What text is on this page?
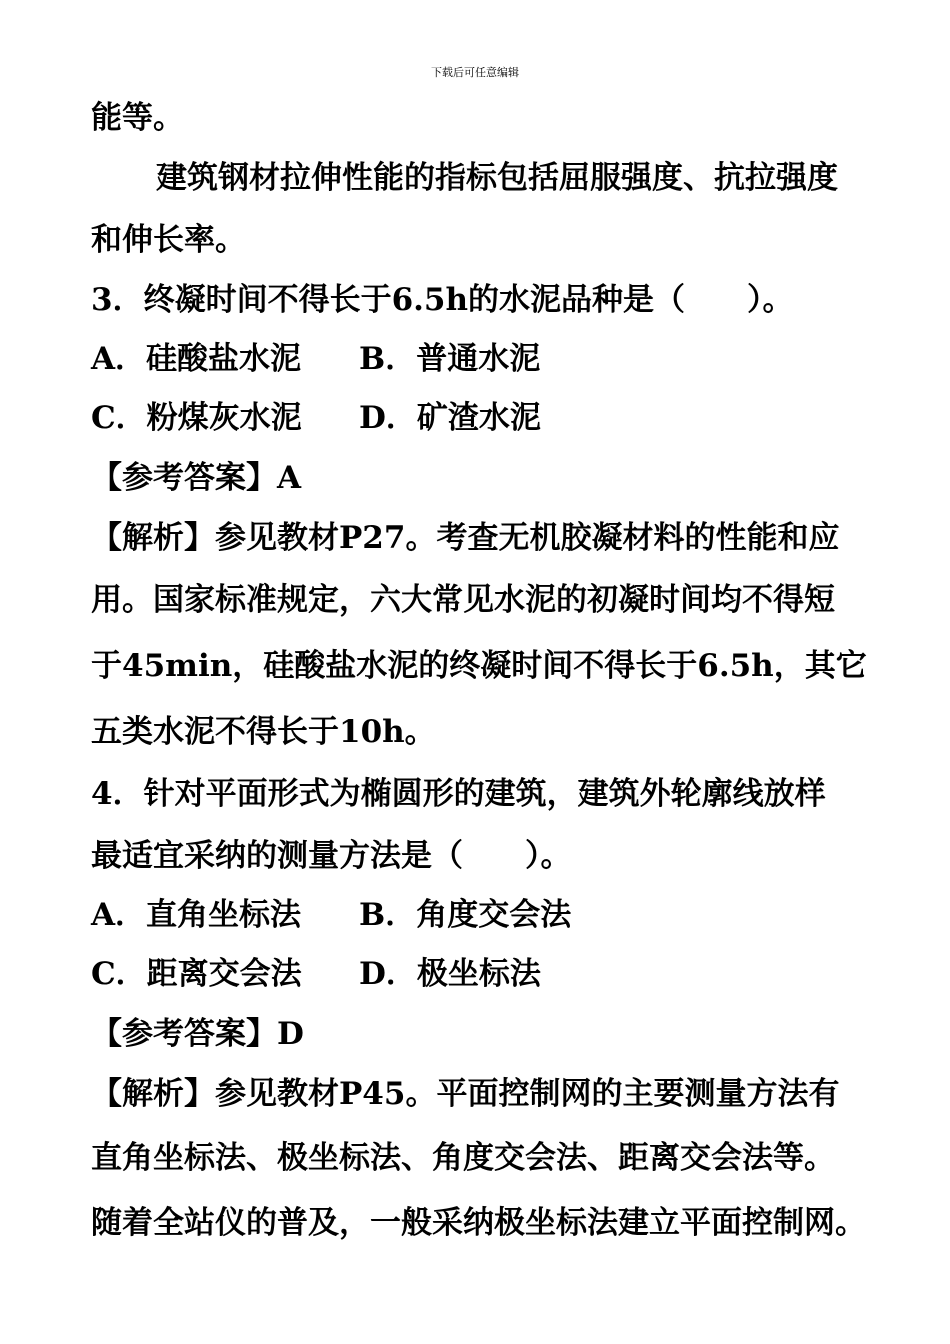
下载后可任意编辑
能等。
建筑钢材拉伸性能的指标包括屈服强度、抗拉强度
和伸长率。
3．终凝时间不得长于6.5h的水泥品种是（　　）。
A．硅酸盐水泥 B．普通水泥
C．粉煤灰水泥 D．矿渣水泥
【参考答案】A
【解析】参见教材P27。考查无机胶凝材料的性能和应
用。国家标准规定，六大常见水泥的初凝时间均不得短
于45min，硅酸盐水泥的终凝时间不得长于6.5h，其它
五类水泥不得长于10h。
4．针对平面形式为椭圆形的建筑，建筑外轮廓线放样
最适宜采纳的测量方法是（　　）。
A．直角坐标法 B．角度交会法
C．距离交会法 D．极坐标法
【参考答案】D
【解析】参见教材P45。平面控制网的主要测量方法有
直角坐标法、极坐标法、角度交会法、距离交会法等。
随着全站仪的普及，一般采纳极坐标法建立平面控制网。
